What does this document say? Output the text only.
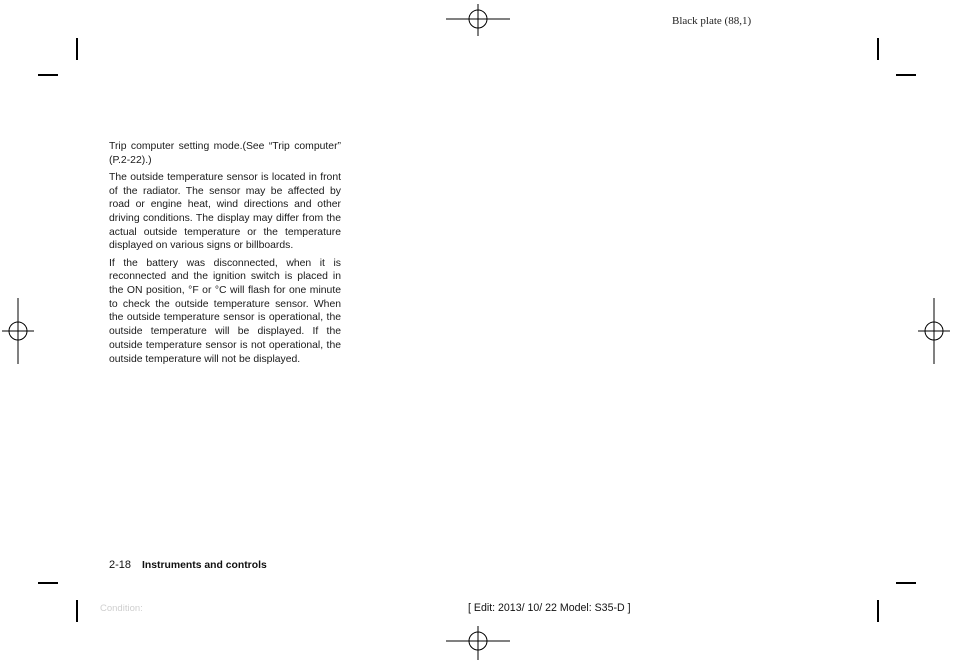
Black plate (88,1)

Trip computer setting mode.(See “Trip computer” (P.2-22).)

The outside temperature sensor is located in front of the radiator. The sensor may be affected by road or engine heat, wind directions and other driving conditions. The display may differ from the actual outside temperature or the temperature displayed on various signs or billboards.

If the battery was disconnected, when it is reconnected and the ignition switch is placed in the ON position, °F or °C will flash for one minute to check the outside temperature sensor. When the outside temperature sensor is operational, the outside temperature will be displayed. If the outside temperature sensor is not operational, the outside temperature will not be displayed.

2-18 Instruments and controls
Condition:	[ Edit: 2013/ 10/ 22 Model: S35-D ]
